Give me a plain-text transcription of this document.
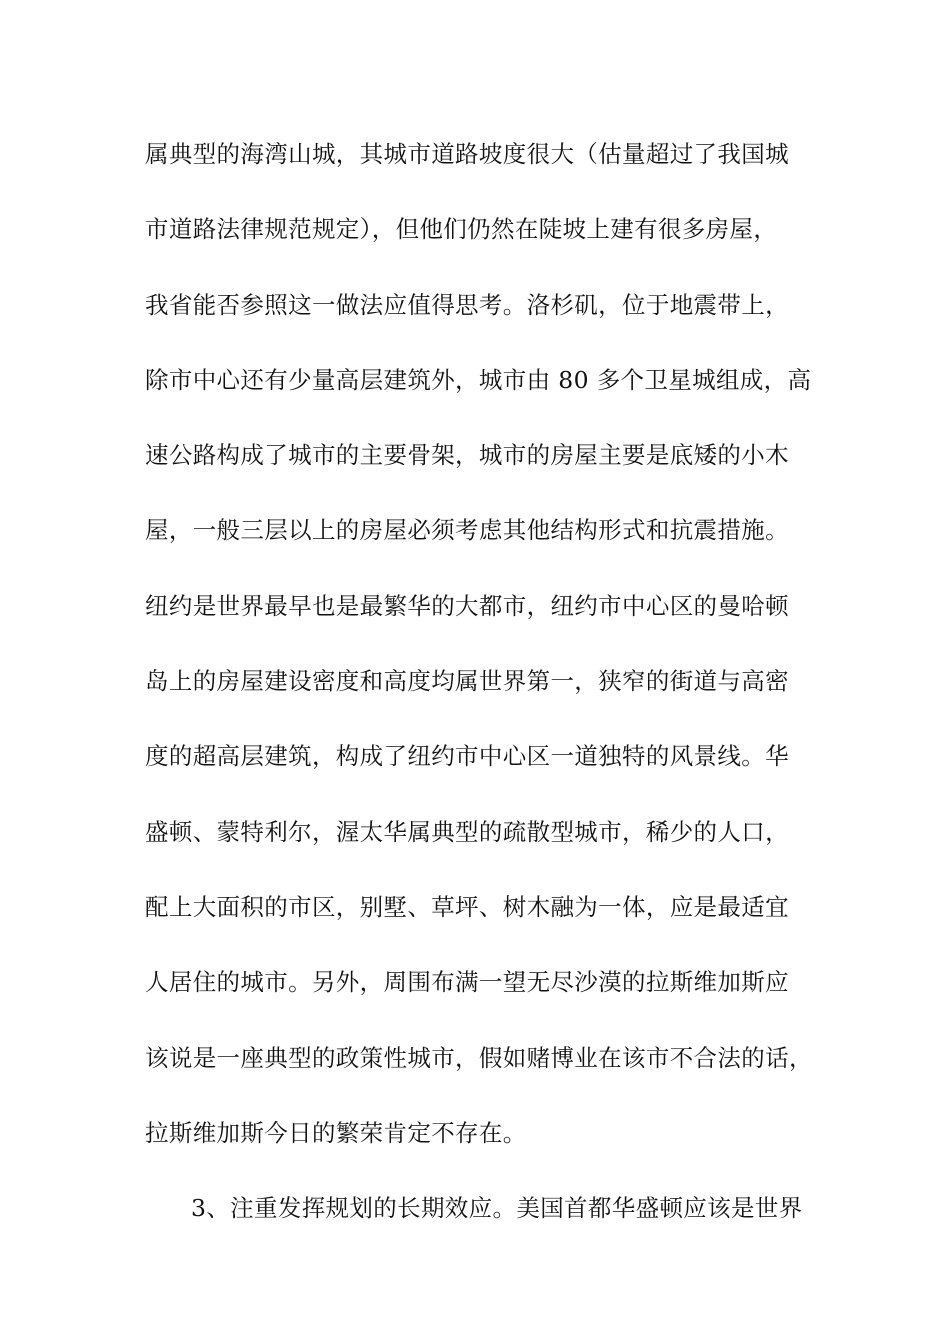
属典型的海湾山城，其城市道路坡度很大（估量超过了我国城
市道路法律规范规定），但他们仍然在陡坡上建有很多房屋，
我省能否参照这一做法应值得思考。洛杉矶，位于地震带上，
除市中心还有少量高层建筑外，城市由 80 多个卫星城组成，高
速公路构成了城市的主要骨架，城市的房屋主要是底矮的小木
屋，一般三层以上的房屋必须考虑其他结构形式和抗震措施。
纽约是世界最早也是最繁华的大都市，纽约市中心区的曼哈顿
岛上的房屋建设密度和高度均属世界第一，狭窄的街道与高密
度的超高层建筑，构成了纽约市中心区一道独特的风景线。华
盛顿、蒙特利尔，渥太华属典型的疏散型城市，稀少的人口，
配上大面积的市区，别墅、草坪、树木融为一体，应是最适宜
人居住的城市。另外，周围布满一望无尽沙漠的拉斯维加斯应
该说是一座典型的政策性城市，假如赌博业在该市不合法的话，
拉斯维加斯今日的繁荣肯定不存在。
3、注重发挥规划的长期效应。美国首都华盛顿应该是世界
